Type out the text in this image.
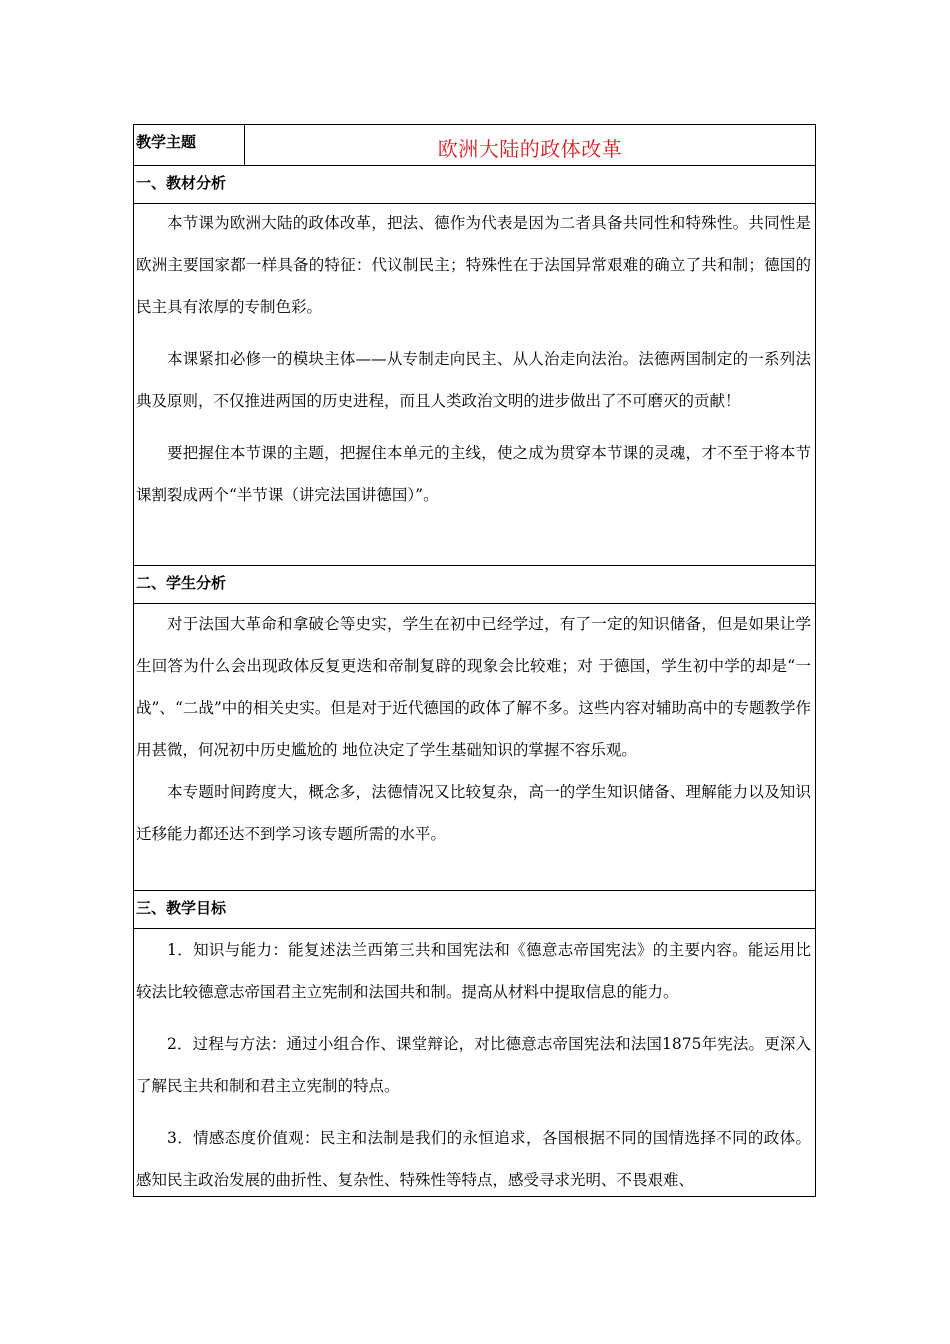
教学主题	欧洲大陆的政体改革
一、教材分析

本节课为欧洲大陆的政体改革，把法、德作为代表是因为二者具备共同性和特殊性。共同性是欧洲主要国家都一样具备的特征：代议制民主；特殊性在于法国异常艰难的确立了共和制；德国的民主具有浓厚的专制色彩。

本课紧扣必修一的模块主体——从专制走向民主、从人治走向法治。法德两国制定的一系列法典及原则，不仅推进两国的历史进程，而且人类政治文明的进步做出了不可磨灭的贡献！

要把握住本节课的主题，把握住本单元的主线，使之成为贯穿本节课的灵魂，才不至于将本节课割裂成两个“半节课（讲完法国讲德国）”。

二、学生分析

对于法国大革命和拿破仑等史实，学生在初中已经学过，有了一定的知识储备，但是如果让学生回答为什么会出现政体反复更迭和帝制复辟的现象会比较难；对 于德国，学生初中学的却是“一战”、“二战”中的相关史实。但是对于近代德国的政体了解不多。这些内容对辅助高中的专题教学作用甚微，何况初中历史尴尬的 地位决定了学生基础知识的掌握不容乐观。

本专题时间跨度大，概念多，法德情况又比较复杂，高一的学生知识储备、理解能力以及知识迁移能力都还达不到学习该专题所需的水平。

三、教学目标

1．知识与能力：能复述法兰西第三共和国宪法和《德意志帝国宪法》的主要内容。能运用比较法比较德意志帝国君主立宪制和法国共和制。提高从材料中提取信息的能力。

2．过程与方法：通过小组合作、课堂辩论，对比德意志帝国宪法和法国1875年宪法。更深入了解民主共和制和君主立宪制的特点。

3．情感态度价值观：民主和法制是我们的永恒追求，各国根据不同的国情选择不同的政体。感知民主政治发展的曲折性、复杂性、特殊性等特点，感受寻求光明、不畏艰难、
